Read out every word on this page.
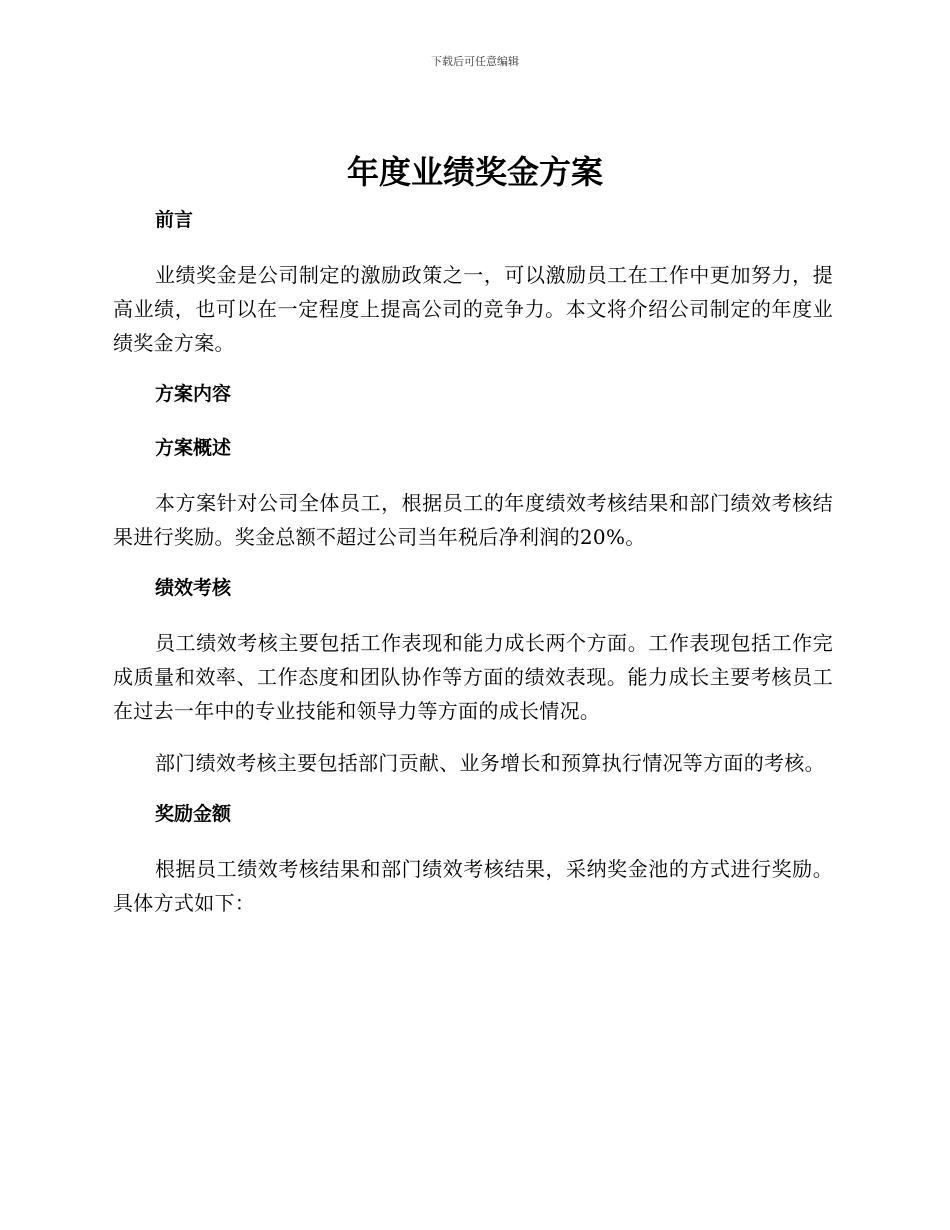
下载后可任意编辑
年度业绩奖金方案
前言

业绩奖金是公司制定的激励政策之一，可以激励员工在工作中更加努力，提高业绩，也可以在一定程度上提高公司的竞争力。本文将介绍公司制定的年度业绩奖金方案。

方案内容
方案概述

本方案针对公司全体员工，根据员工的年度绩效考核结果和部门绩效考核结果进行奖励。奖金总额不超过公司当年税后净利润的20%。

绩效考核

员工绩效考核主要包括工作表现和能力成长两个方面。工作表现包括工作完成质量和效率、工作态度和团队协作等方面的绩效表现。能力成长主要考核员工在过去一年中的专业技能和领导力等方面的成长情况。

部门绩效考核主要包括部门贡献、业务增长和预算执行情况等方面的考核。

奖励金额

根据员工绩效考核结果和部门绩效考核结果，采纳奖金池的方式进行奖励。具体方式如下：
